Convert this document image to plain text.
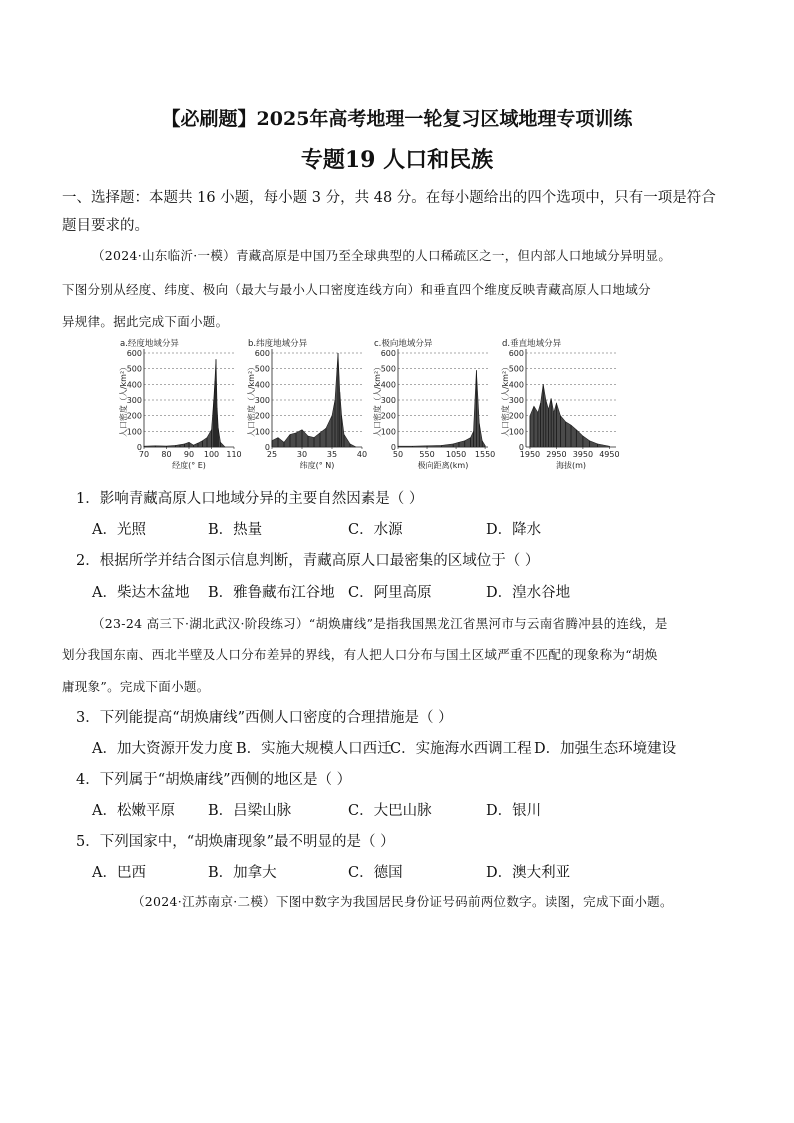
【必刷题】2025年高考地理一轮复习区域地理专项训练
专题19 人口和民族
一、选择题：本题共 16 小题，每小题 3 分，共 48 分。在每小题给出的四个选项中，只有一项是符合
题目要求的。
（2024·山东临沂·一模）青藏高原是中国乃至全球典型的人口稀疏区之一，但内部人口地域分异明显。
下图分别从经度、纬度、极向（最大与最小人口密度连线方向）和垂直四个维度反映青藏高原人口地域分
异规律。据此完成下面小题。
a.经度地域分异
0
100
200
300
400
500
600
70 80 90 100 110
经度(° E)
人口密度（人/km²）
b.纬度地域分异
0
100
200
300
400
500
600
25 30 35 40
纬度(° N)
人口密度（人/km²）
c.极向地域分异
0
100
200
300
400
500
600
50 550 1050 1550
极向距离(km)
人口密度（人/km²）
d.垂直地域分异
0
100
200
300
400
500
600
1950 2950 3950 4950
海拔(m)
人口密度（人/km²）
1．影响青藏高原人口地域分异的主要自然因素是（ ）
A．光照	B．热量	C．水源	D．降水
2．根据所学并结合图示信息判断，青藏高原人口最密集的区域位于（ ）
A．柴达木盆地 B．雅鲁藏布江谷地 C．阿里高原	D．湟水谷地
（23-24 高三下·湖北武汉·阶段练习）“胡焕庸线”是指我国黑龙江省黑河市与云南省腾冲县的连线，是
划分我国东南、西北半壁及人口分布差异的界线，有人把人口分布与国土区域严重不匹配的现象称为“胡焕
庸现象”。完成下面小题。
3．下列能提高“胡焕庸线”西侧人口密度的合理措施是（ ）
A．加大资源开发力度 B．实施大规模人口西迁
C．实施海水西调工程 D．加强生态环境建设
4．下列属于“胡焕庸线”西侧的地区是（ ）
A．松嫩平原 B．吕梁山脉	C．大巴山脉	D．银川
5．下列国家中，“胡焕庸现象”最不明显的是（ ）
A．巴西	B．加拿大	C．德国	D．澳大利亚
（2024·江苏南京·二模）下图中数字为我国居民身份证号码前两位数字。读图，完成下面小题。
